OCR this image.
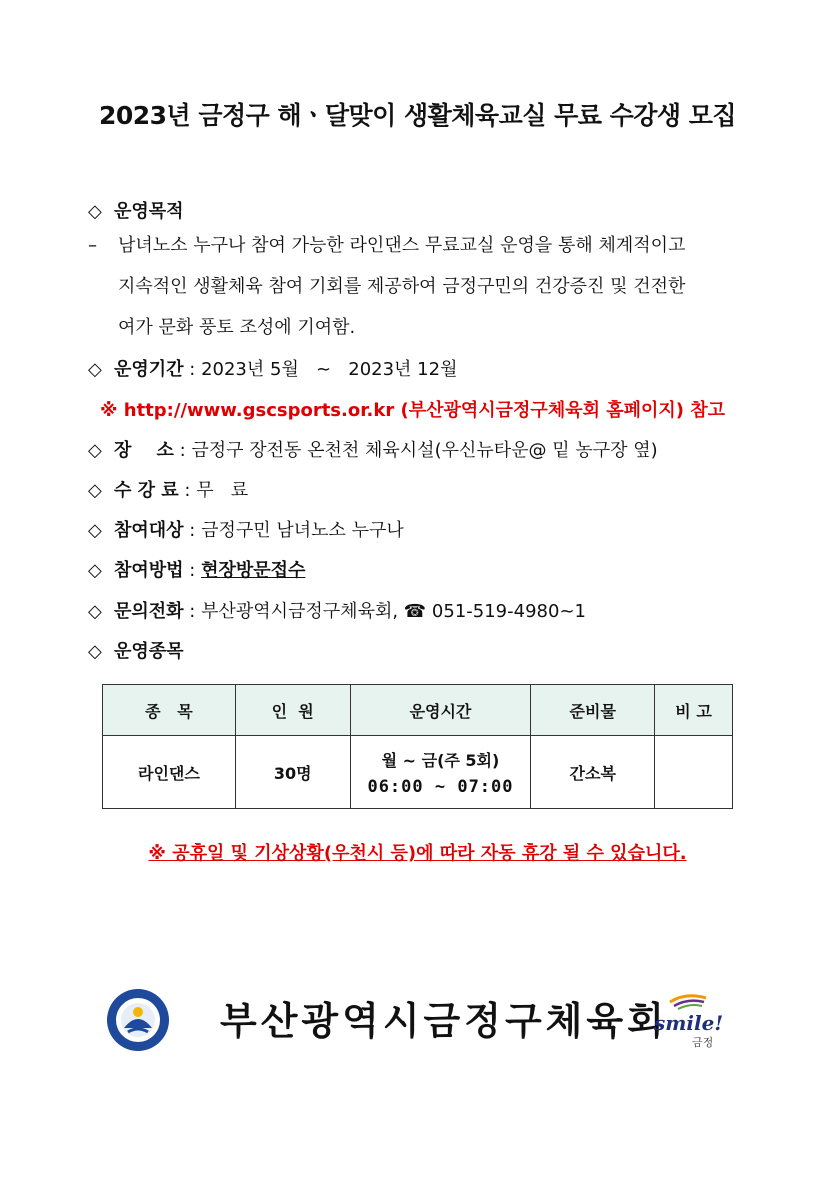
2023년 금정구 해ㆍ달맞이 생활체육교실 무료 수강생 모집
◇ 운영목적
– 남녀노소 누구나 참여 가능한 라인댄스 무료교실 운영을 통해 체계적이고
지속적인 생활체육 참여 기회를 제공하여 금정구민의 건강증진 및 건전한
여가 문화 풍토 조성에 기여함.
◇ 운영기간 : 2023년 5월   ~   2023년 12월
※ http://www.gscsports.or.kr (부산광역시금정구체육회 홈페이지) 참고
◇ 장    소 : 금정구 장전동 온천천 체육시설(우신뉴타운@ 밑 농구장 옆)
◇ 수 강 료 : 무   료
◇ 참여대상 : 금정구민 남녀노소 누구나
◇ 참여방법 : 현장방문접수
◇ 문의전화 : 부산광역시금정구체육회, ☎ 051-519-4980~1
◇ 운영종목
종   목	인  원	운영시간	준비물	비 고
라인댄스	30명	월 ~ 금(주 5회)
06:00 ~ 07:00	간소복	
※ 공휴일 및 기상상황(우천시 등)에 따라 자동 휴강 될 수 있습니다.
부산광역시금정구체육회
smile!
금정
